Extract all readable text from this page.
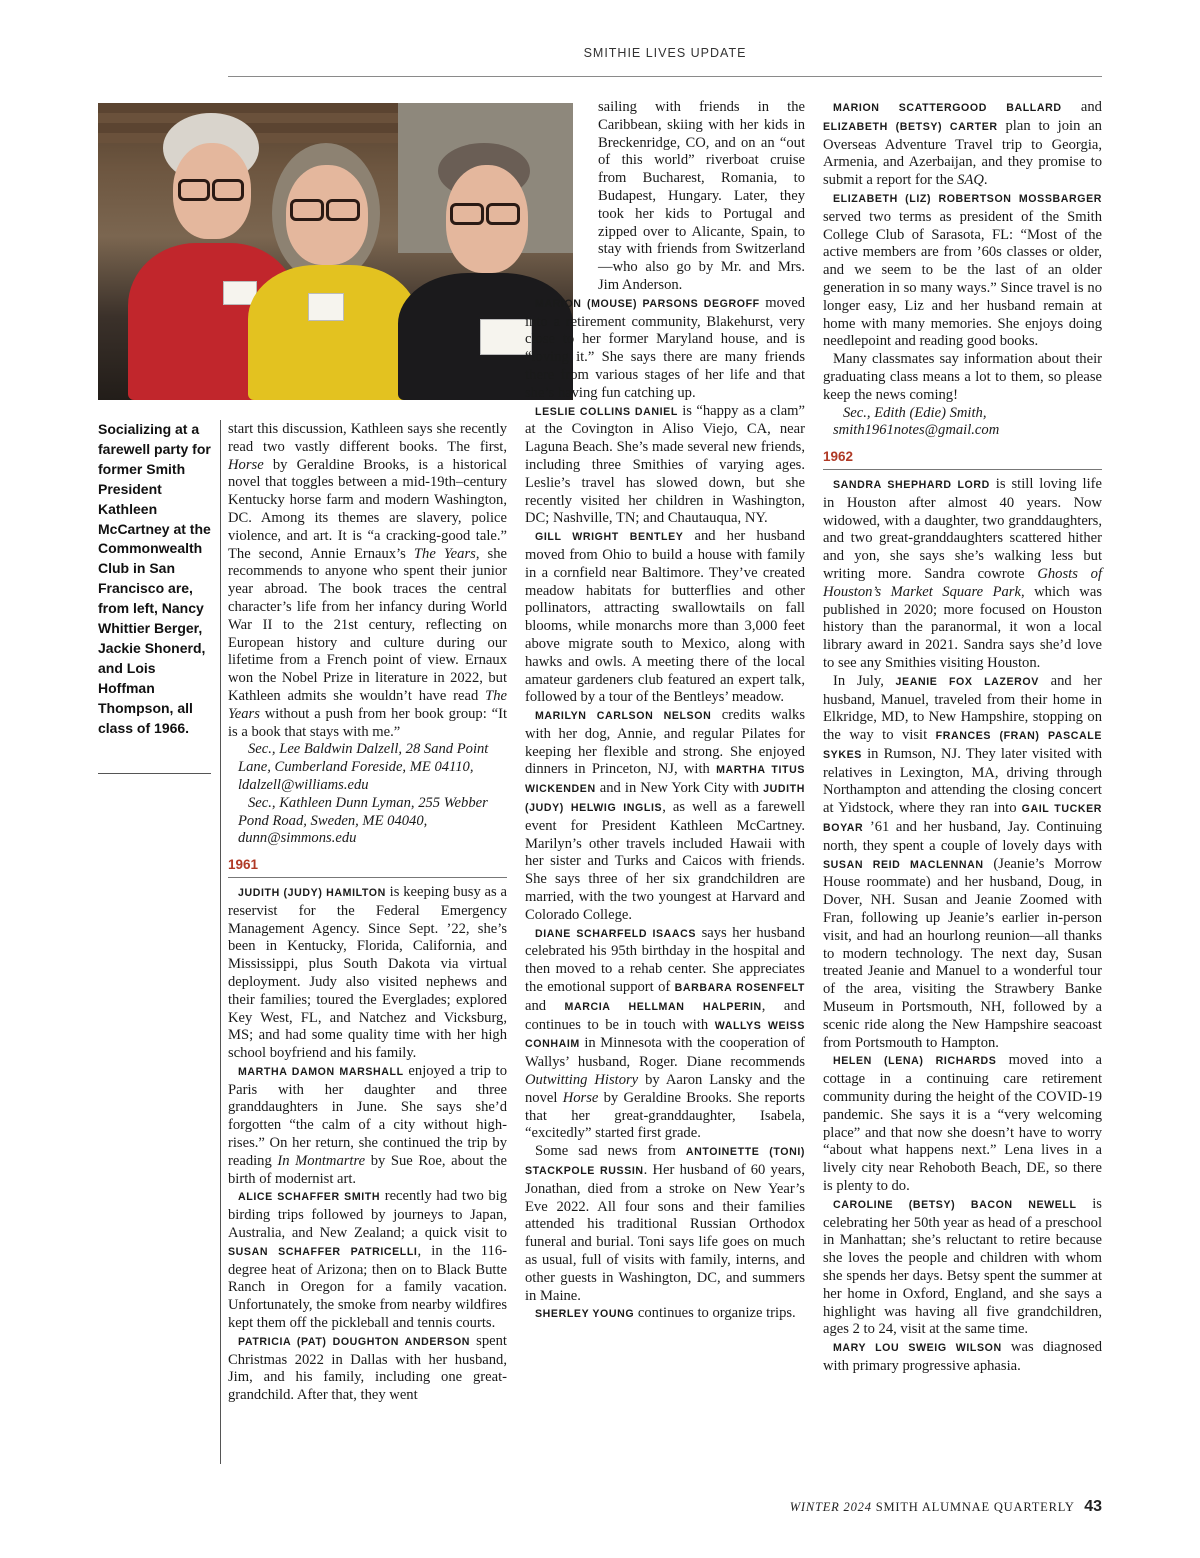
SMITHIE LIVES UPDATE
Socializing at a farewell party for former Smith President Kathleen McCartney at the Commonwealth Club in San Francisco are, from left, Nancy Whittier Berger, Jackie Shonerd, and Lois Hoffman Thompson, all class of 1966.

start this discussion, Kathleen says she recently read two vastly different books. The first, Horse by Geraldine Brooks, is a historical novel that toggles between a mid-19th–century Kentucky horse farm and modern Washington, DC. Among its themes are slavery, police violence, and art. It is “a cracking-good tale.” The second, Annie Ernaux’s The Years, she recommends to anyone who spent their junior year abroad. The book traces the central character’s life from her infancy during World War II to the 21st century, reflecting on European history and culture during our lifetime from a French point of view. Ernaux won the Nobel Prize in literature in 2022, but Kathleen admits she wouldn’t have read The Years without a push from her book group: “It is a book that stays with me.”

Sec., Lee Baldwin Dalzell, 28 Sand Point Lane, Cumberland Foreside, ME 04110, ldalzell@williams.edu

Sec., Kathleen Dunn Lyman, 255 Webber Pond Road, Sweden, ME 04040, dunn@simmons.edu

1961

JUDITH (JUDY) HAMILTON is keeping busy as a reservist for the Federal Emergency Management Agency. Since Sept. ’22, she’s been in Kentucky, Florida, California, and Mississippi, plus South Dakota via virtual deployment. Judy also visited nephews and their families; toured the Everglades; explored Key West, FL, and Natchez and Vicksburg, MS; and had some quality time with her high school boyfriend and his family.

MARTHA DAMON MARSHALL enjoyed a trip to Paris with her daughter and three granddaughters in June. She says she’d forgotten “the calm of a city without high-rises.” On her return, she continued the trip by reading In Montmartre by Sue Roe, about the birth of modernist art.

ALICE SCHAFFER SMITH recently had two big birding trips followed by journeys to Japan, Australia, and New Zealand; a quick visit to SUSAN SCHAFFER PATRICELLI, in the 116-degree heat of Arizona; then on to Black Butte Ranch in Oregon for a family vacation. Unfortunately, the smoke from nearby wildfires kept them off the pickleball and tennis courts.

PATRICIA (PAT) DOUGHTON ANDERSON spent Christmas 2022 in Dallas with her husband, Jim, and his family, including one great-grandchild. After that, they went

sailing with friends in the Caribbean, skiing with her kids in Breckenridge, CO, and on an “out of this world” riverboat cruise from Bucharest, Romania, to Budapest, Hungary. Later, they took her kids to Portugal and zipped over to Alicante, Spain, to stay with friends from Switzerland—who also go by Mr. and Mrs. Jim Anderson.

MARION (MOUSE) PARSONS DEGROFF moved into a retirement community, Blakehurst, very close to her former Maryland house, and is “loving it.” She says there are many friends there from various stages of her life and that she’s having fun catching up.

LESLIE COLLINS DANIEL is “happy as a clam” at the Covington in Aliso Viejo, CA, near Laguna Beach. She’s made several new friends, including three Smithies of varying ages. Leslie’s travel has slowed down, but she recently visited her children in Washington, DC; Nashville, TN; and Chautauqua, NY.

GILL WRIGHT BENTLEY and her husband moved from Ohio to build a house with family in a cornfield near Baltimore. They’ve created meadow habitats for butterflies and other pollinators, attracting swallowtails on fall blooms, while monarchs more than 3,000 feet above migrate south to Mexico, along with hawks and owls. A meeting there of the local amateur gardeners club featured an expert talk, followed by a tour of the Bentleys’ meadow.

MARILYN CARLSON NELSON credits walks with her dog, Annie, and regular Pilates for keeping her flexible and strong. She enjoyed dinners in Princeton, NJ, with MARTHA TITUS WICKENDEN and in New York City with JUDITH (JUDY) HELWIG INGLIS, as well as a farewell event for President Kathleen McCartney. Marilyn’s other travels included Hawaii with her sister and Turks and Caicos with friends. She says three of her six grandchildren are married, with the two youngest at Harvard and Colorado College.

DIANE SCHARFELD ISAACS says her husband celebrated his 95th birthday in the hospital and then moved to a rehab center. She appreciates the emotional support of BARBARA ROSENFELT and MARCIA HELLMAN HALPERIN, and continues to be in touch with WALLYS WEISS CONHAIM in Minnesota with the cooperation of Wallys’ husband, Roger. Diane recommends Outwitting History by Aaron Lansky and the novel Horse by Geraldine Brooks. She reports that her great-granddaughter, Isabela, “excitedly” started first grade.

Some sad news from ANTOINETTE (TONI) STACKPOLE RUSSIN. Her husband of 60 years, Jonathan, died from a stroke on New Year’s Eve 2022. All four sons and their families attended his traditional Russian Orthodox funeral and burial. Toni says life goes on much as usual, full of visits with family, interns, and other guests in Washington, DC, and summers in Maine.

SHERLEY YOUNG continues to organize trips.

MARION SCATTERGOOD BALLARD and ELIZABETH (BETSY) CARTER plan to join an Overseas Adventure Travel trip to Georgia, Armenia, and Azerbaijan, and they promise to submit a report for the SAQ.

ELIZABETH (LIZ) ROBERTSON MOSSBARGER served two terms as president of the Smith College Club of Sarasota, FL: “Most of the active members are from ’60s classes or older, and we seem to be the last of an older generation in so many ways.” Since travel is no longer easy, Liz and her husband remain at home with many memories. She enjoys doing needlepoint and reading good books.

Many classmates say information about their graduating class means a lot to them, so please keep the news coming!

Sec., Edith (Edie) Smith, smith1961notes@gmail.com

1962

SANDRA SHEPHARD LORD is still loving life in Houston after almost 40 years. Now widowed, with a daughter, two granddaughters, and two great-granddaughters scattered hither and yon, she says she’s walking less but writing more. Sandra cowrote Ghosts of Houston’s Market Square Park, which was published in 2020; more focused on Houston history than the paranormal, it won a local library award in 2021. Sandra says she’d love to see any Smithies visiting Houston.

In July, JEANIE FOX LAZEROV and her husband, Manuel, traveled from their home in Elkridge, MD, to New Hampshire, stopping on the way to visit FRANCES (FRAN) PASCALE SYKES in Rumson, NJ. They later visited with relatives in Lexington, MA, driving through Northampton and attending the closing concert at Yidstock, where they ran into GAIL TUCKER BOYAR ’61 and her husband, Jay. Continuing north, they spent a couple of lovely days with SUSAN REID MACLENNAN (Jeanie’s Morrow House roommate) and her husband, Doug, in Dover, NH. Susan and Jeanie Zoomed with Fran, following up Jeanie’s earlier in-person visit, and had an hourlong reunion—all thanks to modern technology. The next day, Susan treated Jeanie and Manuel to a wonderful tour of the area, visiting the Strawbery Banke Museum in Portsmouth, NH, followed by a scenic ride along the New Hampshire seacoast from Portsmouth to Hampton.

HELEN (LENA) RICHARDS moved into a cottage in a continuing care retirement community during the height of the COVID-19 pandemic. She says it is a “very welcoming place” and that now she doesn’t have to worry “about what happens next.” Lena lives in a lively city near Rehoboth Beach, DE, so there is plenty to do.

CAROLINE (BETSY) BACON NEWELL is celebrating her 50th year as head of a preschool in Manhattan; she’s reluctant to retire because she loves the people and children with whom she spends her days. Betsy spent the summer at her home in Oxford, England, and she says a highlight was having all five grandchildren, ages 2 to 24, visit at the same time.

MARY LOU SWEIG WILSON was diagnosed with primary progressive aphasia.

WINTER 2024 SMITH ALUMNAE QUARTERLY 43
